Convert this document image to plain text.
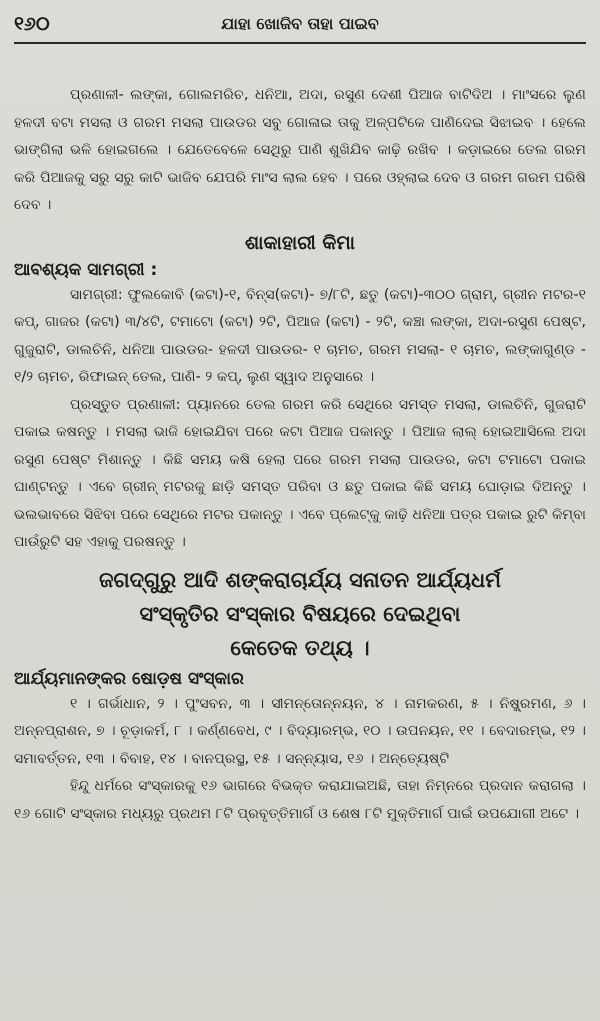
୧୬୦	ଯାହା ଖୋଜିବ ତାହା ପାଇବ

ପ୍ରଣାଳୀ- ଲଙ୍କା, ଗୋଲମରିଚ, ଧନିଆ, ଅଦା, ରସୁଣ ଦେଶୀ ପିଆଜ ବାଟିଦିଅ । ମାଂସରେ ଲୁଣ ହଳଦୀ ବଟା ମସଲା ଓ ଗରମ ମସଲା ପାଉଡର ସବୁ ଗୋଳାଇ ତାକୁ ଅଳ୍ପଟିକେ ପାଣିଦେଇ ସିଝାଇବ । ହେଲେ ଭାଙ୍ଗିଲା ଭଳି ହୋଇଗଲେ । ଯେତେବେଳେ ସେଥିରୁ ପାଣି ଶୁଖିଯିବ କାଢ଼ି ରଖିବ । କଡ଼ାଇରେ ତେଲ ଗରମ କରି ପିଆଜକୁ ସରୁ ସରୁ କାଟି ଭାଜିବ ଯେପରି ମାଂସ ଲାଲ ହେବ । ପରେ ଓହ୍ଲାଇ ଦେବ ଓ ଗରମ ଗରମ ପରିଷି ଦେବ ।

ଶାକାହାରୀ କିମା
ଆବଶ୍ୟକ ସାମଗ୍ରୀ :

ସାମଗ୍ରୀ: ଫୁଲକୋବି (କଟା)-୧, ବିନ୍ସ(କଟା)- ୭/୮ଟି, ଛତୁ (କଟା)-୩୦୦ ଗ୍ରାମ୍, ଗ୍ରୀନ ମଟର-୧ କପ୍, ଗାଜର (କଟା) ୩/୪ଟି, ଟମାଟୋ (କଟା) ୨ଟି, ପିଆଜ (କଟା) - ୨ଟି, କଞ୍ଚା ଲଙ୍କା, ଅଦା-ରସୁଣ ପେଷ୍ଟ, ଗୁଜୁରାଟି, ଡାଲଚିନି, ଧନିଆ ପାଉଡର- ହଳଦୀ ପାଉଡର- ୧ ଚାମଚ, ଗରମ ମସଲା- ୧ ଚାମଚ, ଲଙ୍କାଗୁଣ୍ଡ - ୧/୨ ଚାମଚ, ରିଫାଇନ୍ ତେଲ, ପାଣି- ୨ କପ୍, ଲୁଣ ସ୍ୱାଦ ଅନୁସାରେ ।

ପ୍ରସ୍ତୁତ ପ୍ରଣାଳୀ: ପ୍ୟାନରେ ତେଲ ଗରମ କରି ସେଥିରେ ସମସ୍ତ ମସଲା, ଡାଲଚିନି, ଗୁଜରାଟି ପକାଇ କଷନ୍ତୁ । ମସଲା ଭାଜି ହୋଇଯିବା ପରେ କଟା ପିଆଜ ପକାନ୍ତୁ । ପିଆଜ ଲାଲ୍ ହୋଇଆସିଲେ ଅଦା ରସୁଣ ପେଷ୍ଟ ମିଶାନ୍ତୁ । କିଛି ସମୟ କଷି ହେଲା ପରେ ଗରମ ମସଲା ପାଉଡର, କଟା ଟମାଟୋ ପକାଇ ଘାଣ୍ଟନ୍ତୁ । ଏବେ ଗ୍ରୀନ୍ ମଟରକୁ ଛାଡ଼ି ସମସ୍ତ ପରିବା ଓ ଛତୁ ପକାଇ କିଛି ସମୟ ଘୋଡ଼ାଇ ଦିଅନ୍ତୁ । ଭଲଭାବରେ ସିଝିବା ପରେ ସେଥିରେ ମଟର ପକାନ୍ତୁ । ଏବେ ପ୍ଲେଟ୍‌କୁ କାଢ଼ି ଧନିଆ ପତ୍ର ପକାଇ ରୁଟି କିମ୍ବା ପାଉଁରୁଟି ସହ ଏହାକୁ ପରଷନ୍ତୁ ।

ଜଗଦ୍‌ଗୁରୁ ଆଦି ଶଙ୍କରାଚାର୍ଯ୍ୟ ସନାତନ ଆର୍ଯ୍ୟଧର୍ମ
ସଂସ୍କୃତିର ସଂସ୍କାର ବିଷୟରେ ଦେଇଥିବା
କେତେକ ତଥ୍ୟ ।
ଆର୍ଯ୍ୟମାନଙ୍କର ଷୋଡ଼ଷ ସଂସ୍କାର

୧ । ଗର୍ଭାଧାନ, ୨ । ପୁଂସବନ, ୩ । ସୀମନ୍ତୋନ୍ନୟନ, ୪ । ନାମକରଣ, ୫ । ନିଷ୍କ୍ରମଣ, ୬ । ଅନ୍ନପ୍ରାଶନ, ୭ । ଚୂଡ଼ାକର୍ମ, ୮ । କର୍ଣ୍ଣବେଧ, ୯ । ବିଦ୍ୟାରମ୍ଭ, ୧୦ । ଉପନୟନ, ୧୧ । ବେଦାରମ୍ଭ, ୧୨ । ସମାବର୍ତ୍ତନ, ୧୩ । ବିବାହ, ୧୪ । ବାନପ୍ରସ୍ଥ, ୧୫ । ସନ୍ନ୍ୟାସ, ୧୬ । ଅନ୍ତ୍ୟେଷ୍ଟି

ହିନ୍ଦୁ ଧର୍ମରେ ସଂସ୍କାରକୁ ୧୬ ଭାଗରେ ବିଭକ୍ତ କରାଯାଇଅଛି, ତାହା ନିମ୍ନରେ ପ୍ରଦାନ କରାଗଲା । ୧୬ ଗୋଟି ସଂସ୍କାର ମଧ୍ୟରୁ ପ୍ରଥମ ୮ଟି ପ୍ରବୃତ୍ତିମାର୍ଗ ଓ ଶେଷ ୮ଟି ମୁକ୍ତିମାର୍ଗ ପାଇଁ ଉପଯୋଗୀ ଅଟେ ।
